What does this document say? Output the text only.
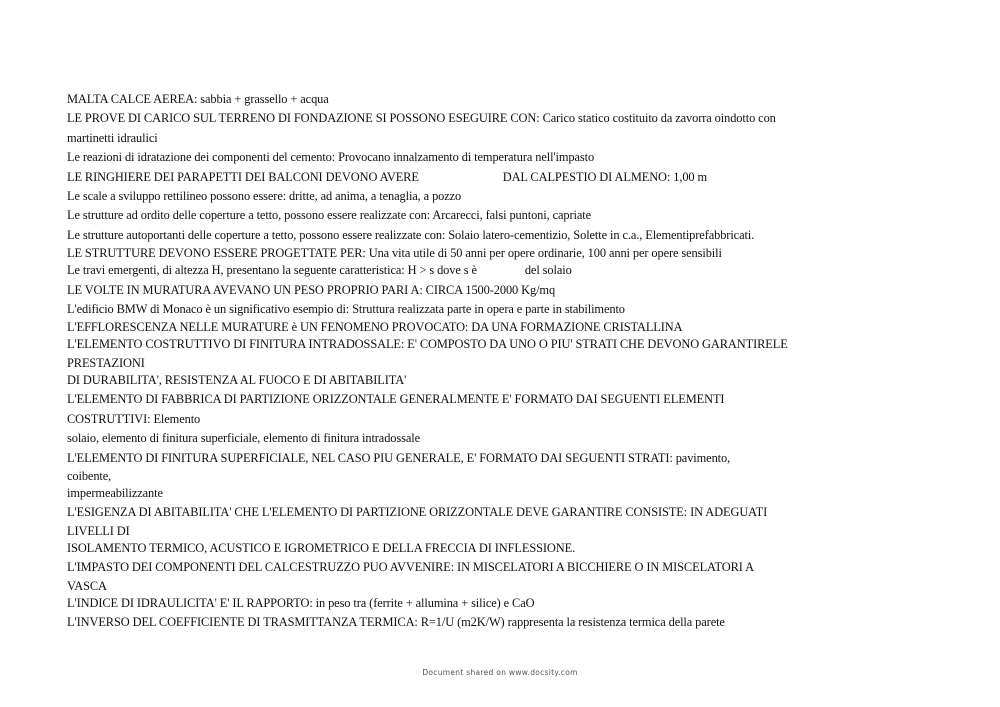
MALTA CALCE AEREA: sabbia + grassello + acqua
LE PROVE DI CARICO SUL TERRENO DI FONDAZIONE SI POSSONO ESEGUIRE CON: Carico statico costituito da zavorra oindotto con
martinetti idraulici
Le reazioni di idratazione dei componenti del cemento: Provocano innalzamento di temperatura nell'impasto
LE RINGHIERE DEI PARAPETTI DEI BALCONI DEVONO AVERE                            DAL CALPESTIO DI ALMENO: 1,00 m
Le scale a sviluppo rettilineo possono essere: dritte, ad anima, a tenaglia, a pozzo
Le strutture ad ordito delle coperture a tetto, possono essere realizzate con: Arcarecci, falsi puntoni, capriate
Le strutture autoportanti delle coperture a tetto, possono essere realizzate con: Solaio latero-cementizio, Solette in c.a., Elementiprefabbricati.
LE STRUTTURE DEVONO ESSERE PROGETTATE PER: Una vita utile di 50 anni per opere ordinarie, 100 anni per opere sensibili
Le travi emergenti, di altezza H, presentano la seguente caratteristica: H > s dove s è                del solaio
LE VOLTE IN MURATURA AVEVANO UN PESO PROPRIO PARI A: CIRCA 1500-2000 Kg/mq
L'edificio BMW di Monaco è un significativo esempio di: Struttura realizzata parte in opera e parte in stabilimento
L'EFFLORESCENZA NELLE MURATURE è UN FENOMENO PROVOCATO: DA UNA FORMAZIONE CRISTALLINA
L'ELEMENTO COSTRUTTIVO DI FINITURA INTRADOSSALE: E' COMPOSTO DA UNO O PIU' STRATI CHE DEVONO GARANTIRELE
PRESTAZIONI
DI DURABILITA', RESISTENZA AL FUOCO E DI ABITABILITA'
L'ELEMENTO DI FABBRICA DI PARTIZIONE ORIZZONTALE GENERALMENTE E' FORMATO DAI SEGUENTI ELEMENTI
COSTRUTTIVI: Elemento
solaio, elemento di finitura superficiale, elemento di finitura intradossale
L'ELEMENTO DI FINITURA SUPERFICIALE, NEL CASO PIU GENERALE, E' FORMATO DAI SEGUENTI STRATI: pavimento,
coibente,
impermeabilizzante
L'ESIGENZA DI ABITABILITA' CHE L'ELEMENTO DI PARTIZIONE ORIZZONTALE DEVE GARANTIRE CONSISTE: IN ADEGUATI
LIVELLI DI
ISOLAMENTO TERMICO, ACUSTICO E IGROMETRICO E DELLA FRECCIA DI INFLESSIONE.
L'IMPASTO DEI COMPONENTI DEL CALCESTRUZZO PUO AVVENIRE: IN MISCELATORI A BICCHIERE O IN MISCELATORI A
VASCA
L'INDICE DI IDRAULICITA' E' IL RAPPORTO: in peso tra (ferrite + allumina + silice) e CaO
L'INVERSO DEL COEFFICIENTE DI TRASMITTANZA TERMICA: R=1/U (m2K/W) rappresenta la resistenza termica della parete
Document shared on www.docsity.com
